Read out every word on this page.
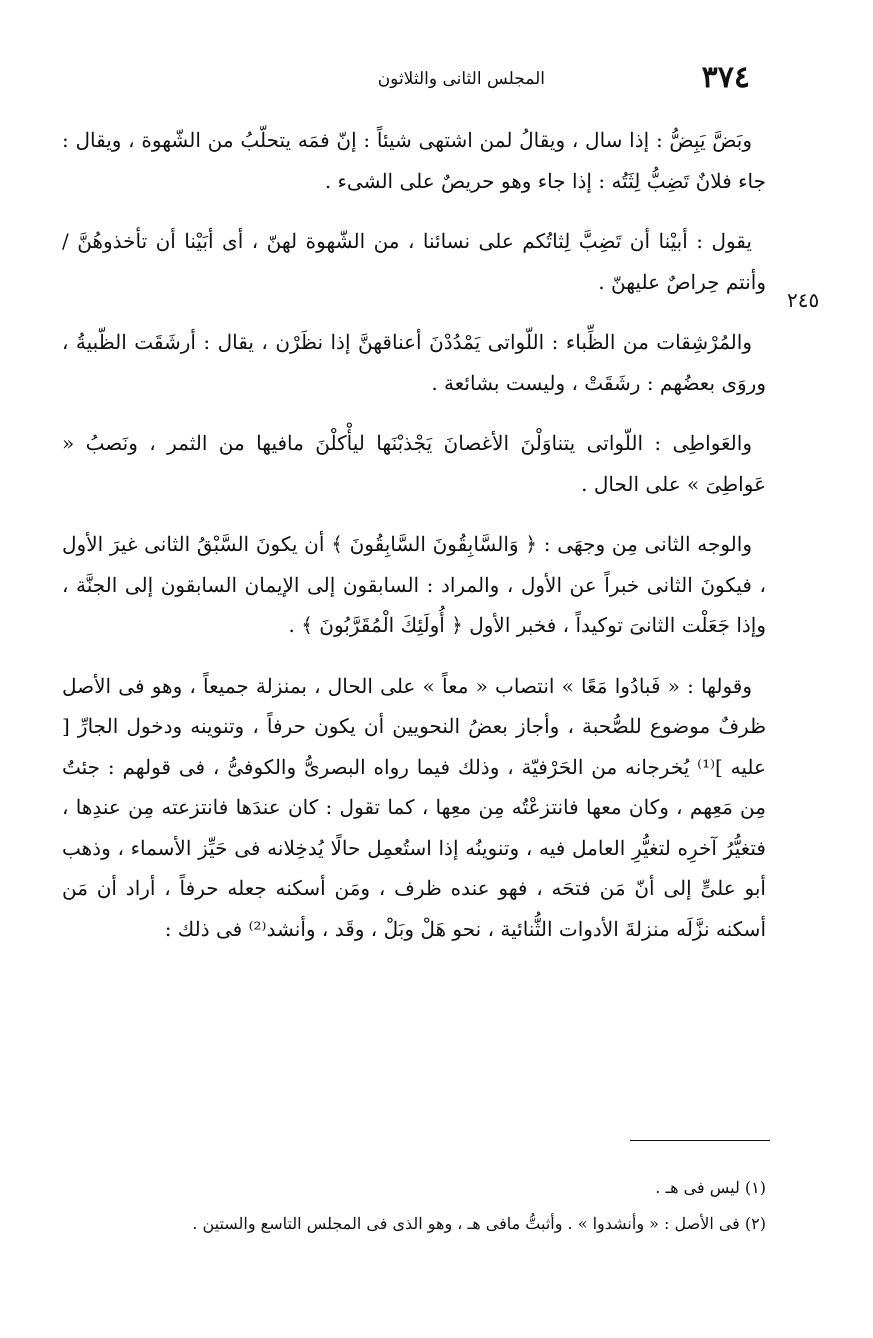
٣٧٤
المجلس الثانى والثلاثون
٢٤٥

وبَضَّ يَبِضُّ : إذا سال ، ويقالُ لمن اشتهى شيئاً : إنّ فمَه يتحلّبُ من الشّهوة ، ويقال : جاء فلانٌ تَضِبُّ لِثَتُه : إذا جاء وهو حريصٌ على الشىء .

يقول : أبيْنا أن تَضِبَّ لِثاتُكم على نسائنا ، من الشّهوة لهنّ ، أى أبَيْنا أن تأخذوهُنَّ / وأنتم حِراصٌ عليهنّ .

والمُرْشِقات من الظِّباء : اللّواتى يَمْدُدْنَ أعناقهنَّ إذا نظَرْن ، يقال : أرشَقَت الظّبيةُ ، وروَى بعضُهم : رشَقَتْ ، وليست بشائعة .

والعَواطِى : اللّواتى يتناوَلْنَ الأغصانَ يَجْذبْنَها ليأْكلْنَ مافيها من الثمر ، ونَصبُ « عَواطِىَ » على الحال .

والوجه الثانى مِن وجهَى : ﴿ وَالسَّابِقُونَ السَّابِقُونَ ﴾ أن يكونَ السَّبْقُ الثانى غيرَ الأول ، فيكونَ الثانى خبراً عن الأول ، والمراد : السابقون إلى الإيمان السابقون إلى الجنَّة ، وإذا جَعَلْت الثانىَ توكيداً ، فخبر الأول ﴿ أُولَئِكَ الْمُقَرَّبُونَ ﴾ .

وقولها : « فَبادُوا مَعًا » انتصاب « معاً » على الحال ، بمنزلة جميعاً ، وهو فى الأصل ظرفٌ موضوع للصُّحبة ، وأجاز بعضُ النحويين أن يكون حرفاً ، وتنوينه ودخول الجارِّ [ عليه ]⁽¹⁾ يُخرجانه من الحَرْفيّة ، وذلك فيما رواه البصرىُّ والكوفىُّ ، فى قولهم : جئتُ مِن مَعِهم ، وكان معها فانتزعْتُه مِن معِها ، كما تقول : كان عندَها فانتزعته مِن عندِها ، فتغيُّرُ آخرِه لتغيُّرِ العامل فيه ، وتنوينُه إذا استُعمِل حالًا يُدخِلانه فى حَيِّز الأسماء ، وذهب أبو علىٍّ إلى أنّ مَن فتحَه ، فهو عنده ظرف ، ومَن أسكنه جعله حرفاً ، أراد أن مَن أسكنه نزَّلَه منزلةَ الأدوات الثُّنائية ، نحو هَلْ وبَلْ ، وقَد ، وأنشد⁽²⁾ فى ذلك :

(١) ليس فى هـ .

(٢) فى الأصل : « وأنشدوا » . وأثبتُّ مافى هـ ، وهو الذى فى المجلس التاسع والستين .
